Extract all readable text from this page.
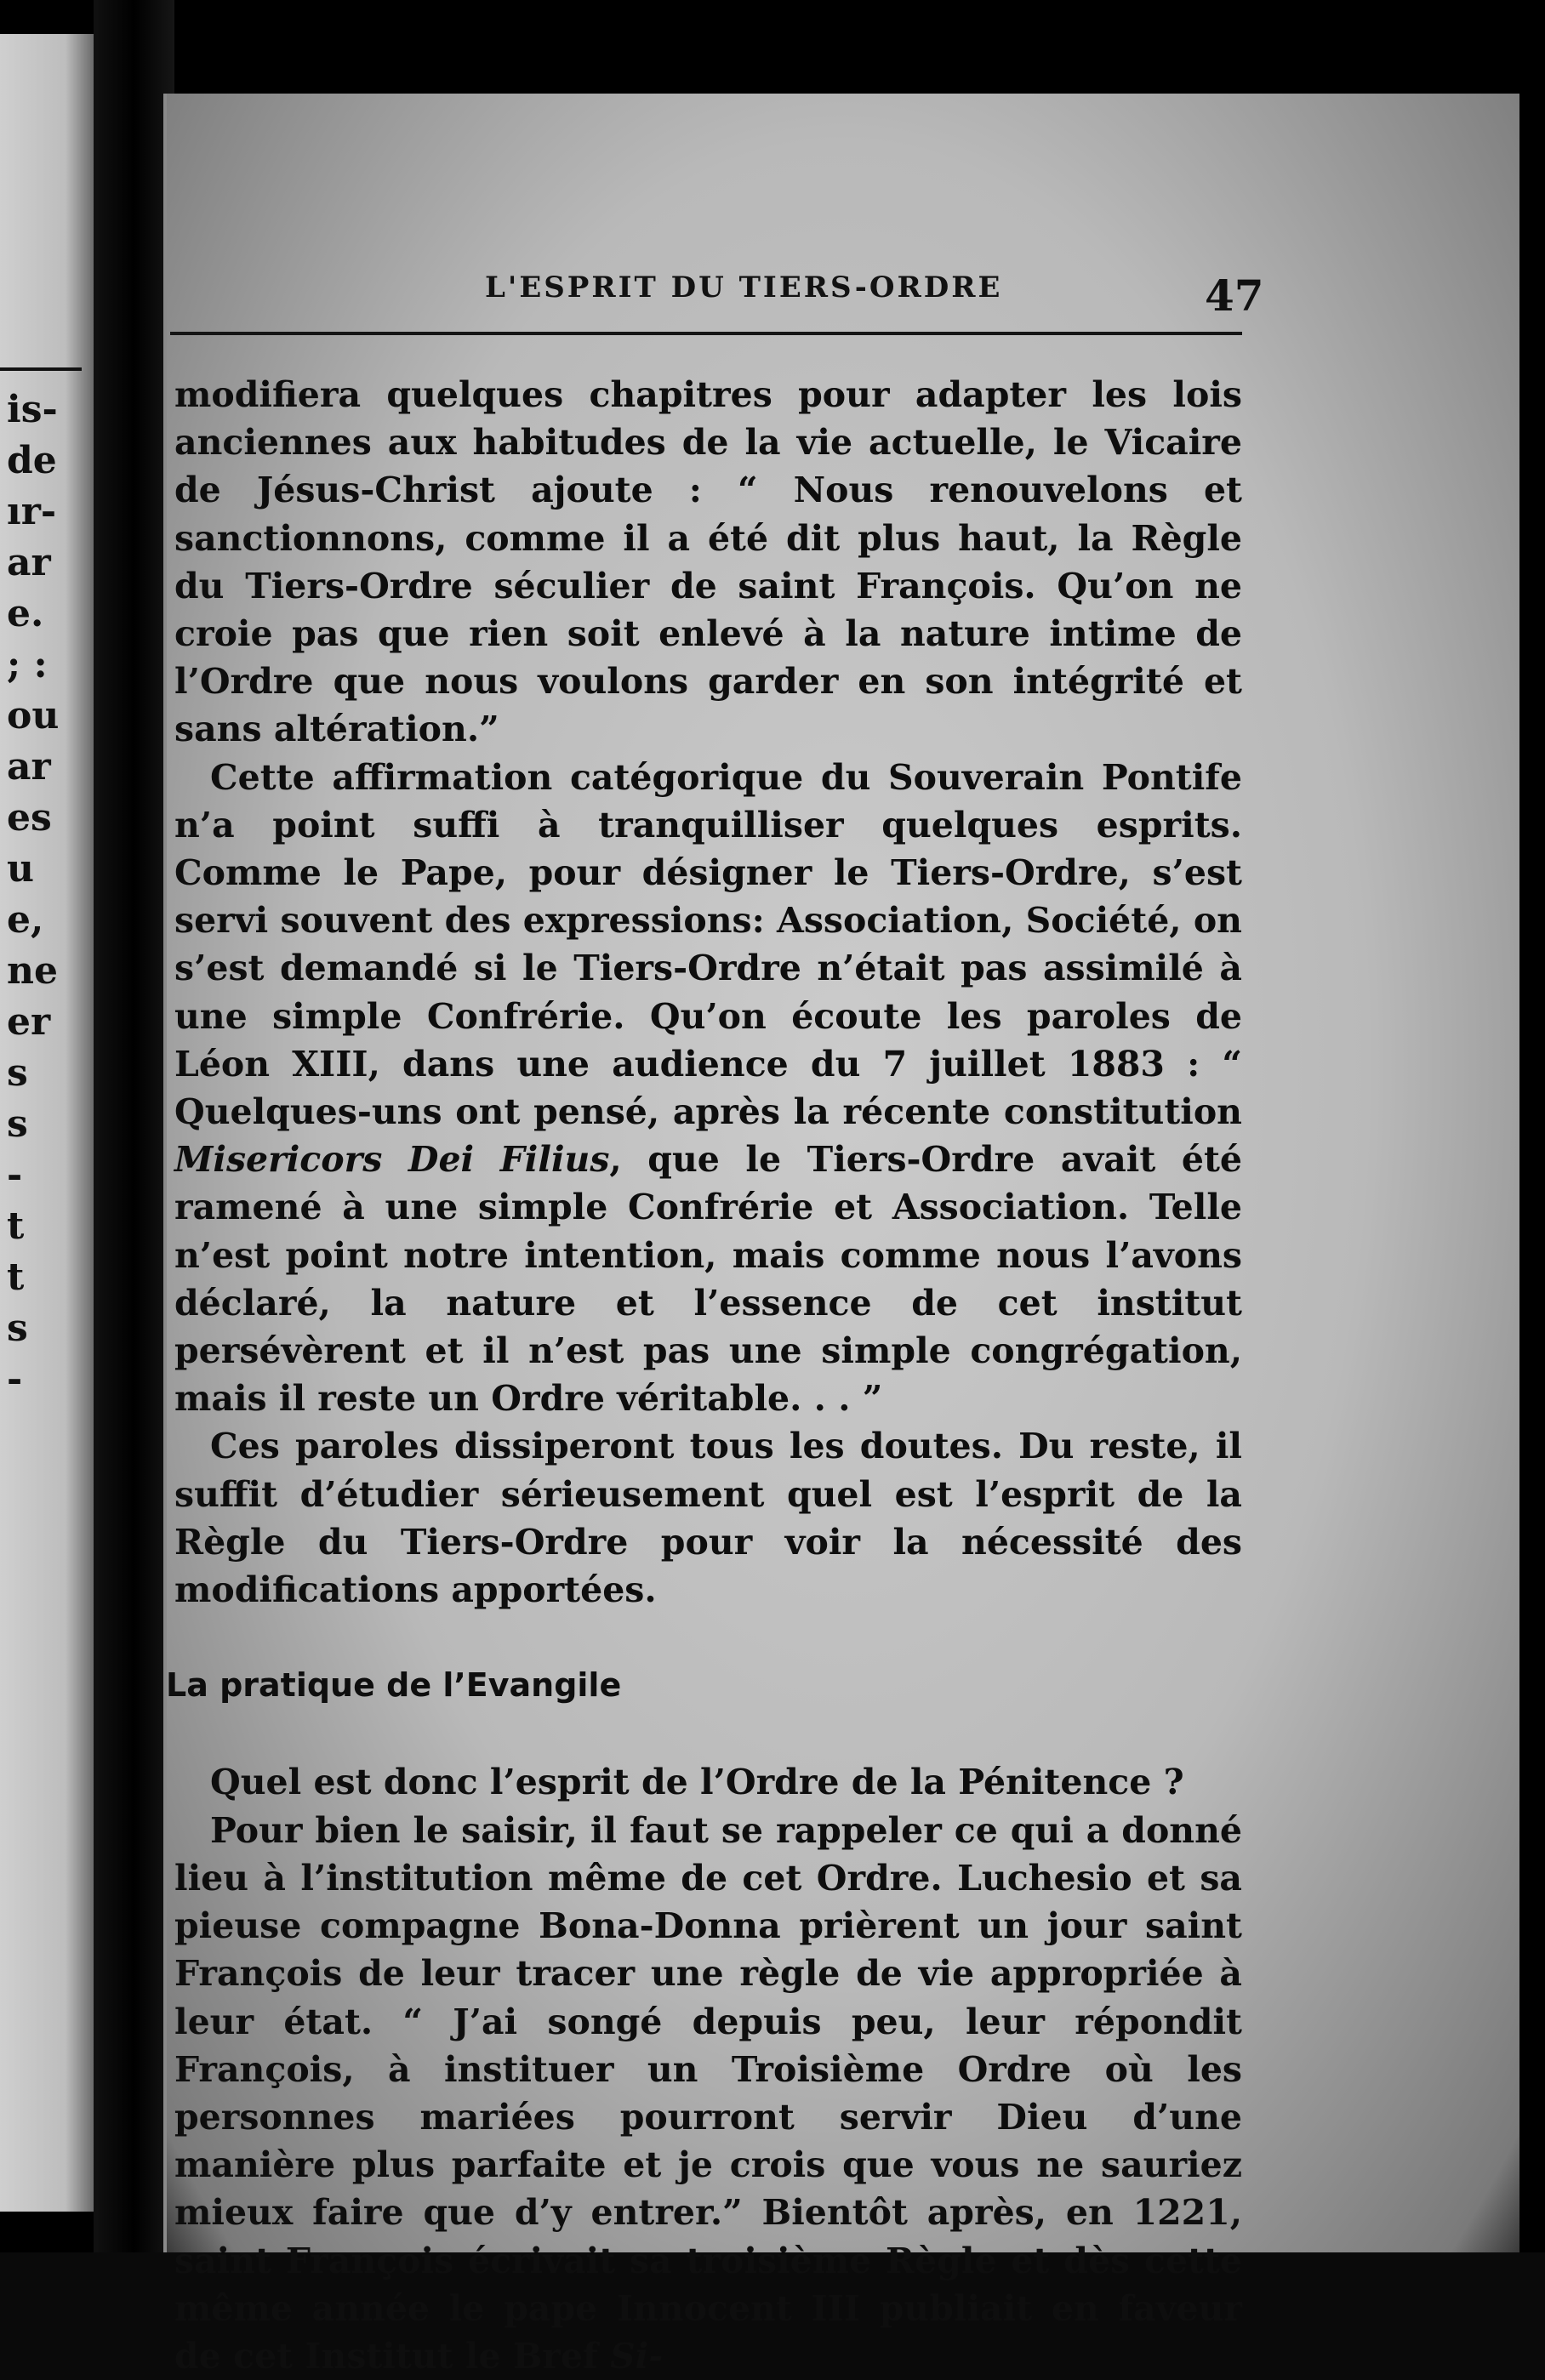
is-
de
ır-
ar
e.
; :
ou
ar
es
u
e,
ne
er
s
s
-
t
t
s
-
L'ESPRIT DU TIERS-ORDRE	47

modifiera quelques chapitres pour adapter les lois anciennes aux habitudes de la vie actuelle, le Vicaire de Jésus-Christ ajoute : “ Nous renouvelons et sanctionnons, comme il a été dit plus haut, la Règle du Tiers-Ordre séculier de saint François. Qu’on ne croie pas que rien soit enlevé à la nature intime de l’Ordre que nous voulons garder en son intégrité et sans altération.”

Cette affirmation catégorique du Souverain Pontife n’a point suffi à tranquilliser quelques esprits. Comme le Pape, pour désigner le Tiers-Ordre, s’est servi souvent des expressions: Association, Société, on s’est demandé si le Tiers-Ordre n’était pas assimilé à une simple Confrérie. Qu’on écoute les paroles de Léon XIII, dans une audience du 7 juillet 1883 : “ Quelques-uns ont pensé, après la récente constitution Misericors Dei Filius, que le Tiers-Ordre avait été ramené à une simple Confrérie et Association. Telle n’est point notre intention, mais comme nous l’avons déclaré, la nature et l’essence de cet institut persévèrent et il n’est pas une simple congrégation, mais il reste un Ordre véritable. . . ”

Ces paroles dissiperont tous les doutes. Du reste, il suffit d’étudier sérieusement quel est l’esprit de la Règle du Tiers-Ordre pour voir la nécessité des modifications apportées.

La pratique de l’Evangile

Quel est donc l’esprit de l’Ordre de la Pénitence ?

Pour bien le saisir, il faut se rappeler ce qui a donné lieu à l’institution même de cet Ordre. Luchesio et sa pieuse compagne Bona-Donna prièrent un jour saint François de leur tracer une règle de vie appropriée à leur état. “ J’ai songé depuis peu, leur répondit François, à instituer un Troisième Ordre où les personnes mariées pourront servir Dieu d’une manière plus parfaite et je crois que vous ne sauriez mieux faire que d’y entrer.” Bientôt après, en 1221, saint François écrivait sa troisième Règle et dès cette même année le pape Innocent III publiait en faveur de cet Institut le Bref Si-
